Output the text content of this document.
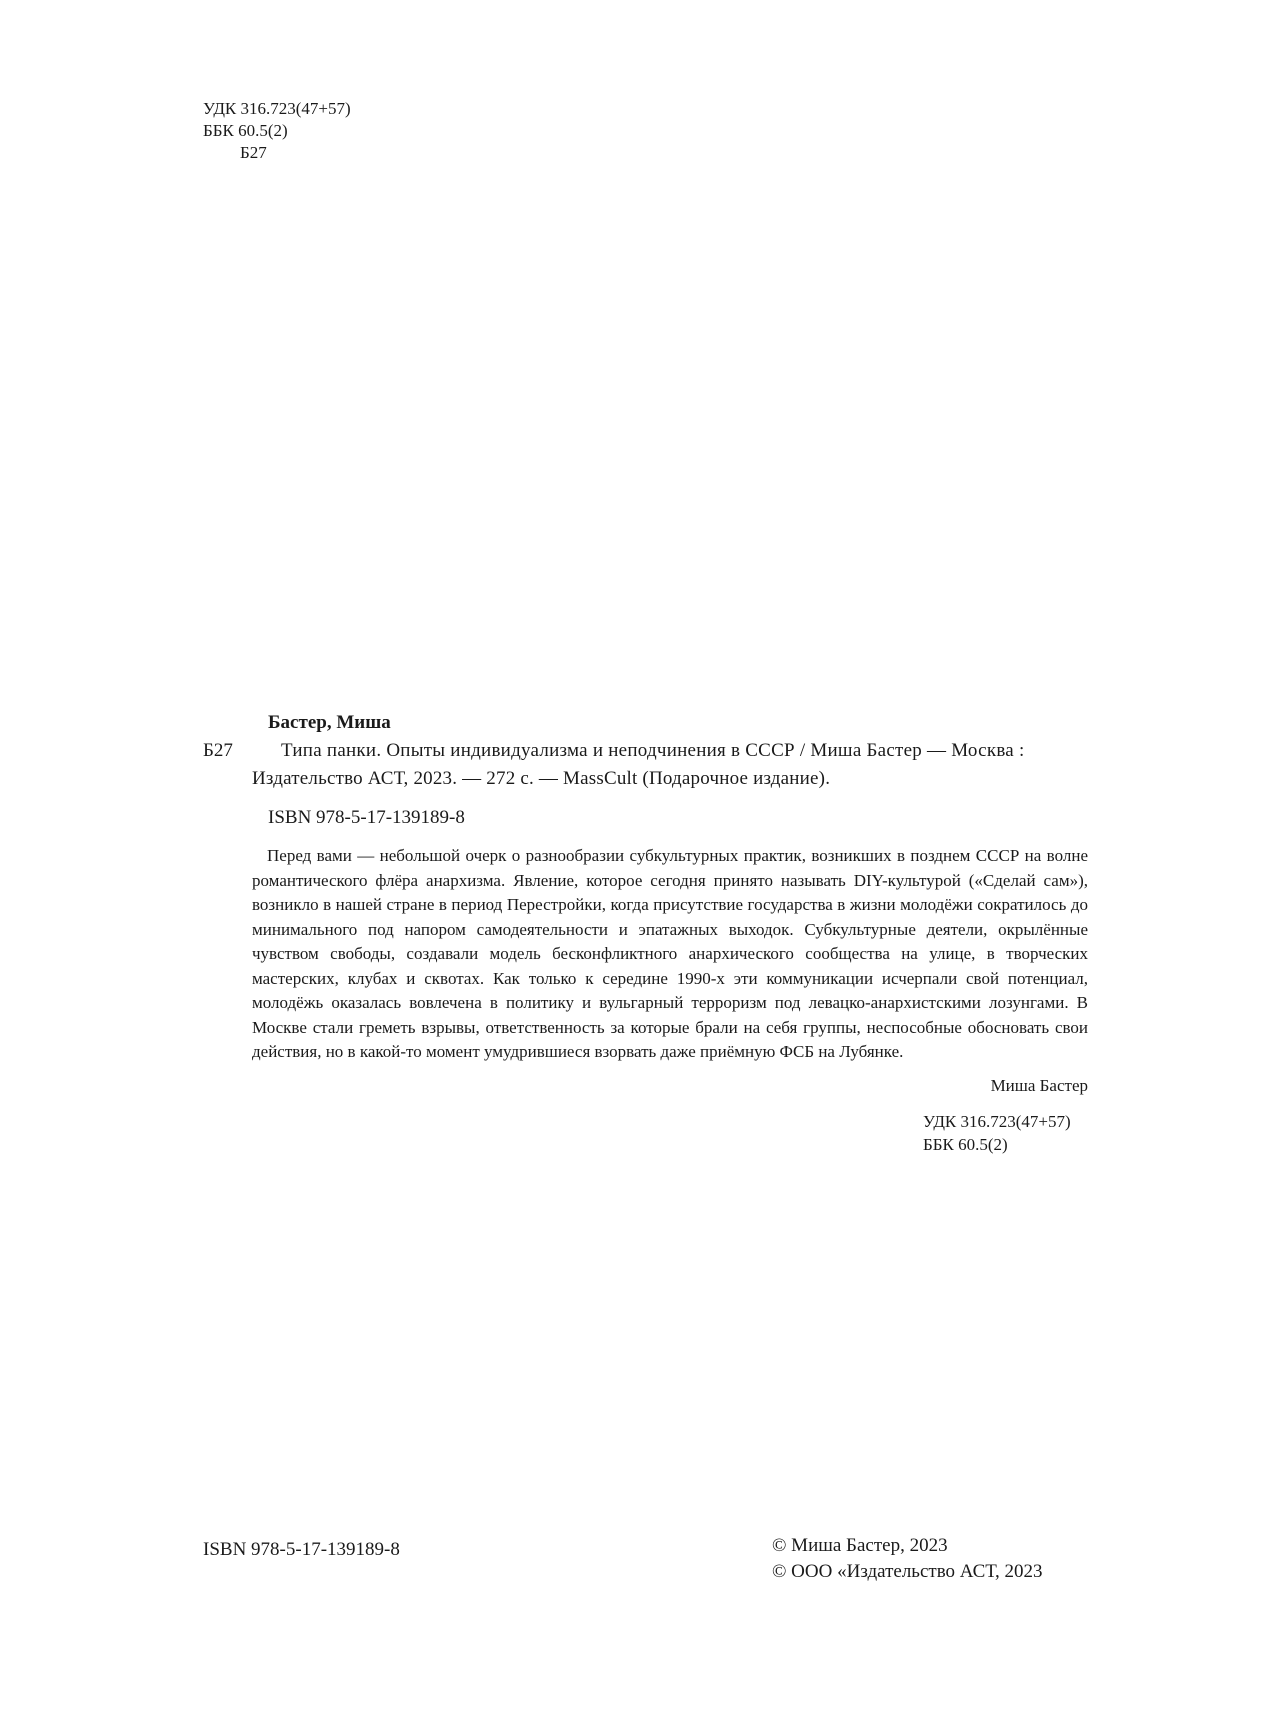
УДК 316.723(47+57)
ББК 60.5(2)
Б27
Бастер, Миша
Б27	Типа панки. Опыты индивидуализма и неподчинения в СССР / Миша Бастер — Москва :
Издательство АСТ, 2023. — 272 с. — MassCult (Подарочное издание).
ISBN 978-5-17-139189-8

Перед вами — небольшой очерк о разнообразии субкультурных практик, возникших в позднем СССР на волне романтического флёра анархизма. Явление, которое сегодня принято называть DIY-культурой («Сделай сам»), возникло в нашей стране в период Перестройки, когда присутствие государства в жизни молодёжи сократилось до минимального под напором самодеятельности и эпатажных выходок. Субкультурные деятели, окрылённые чувством свободы, создавали модель бесконфликтного анархического сообщества на улице, в творческих мастерских, клубах и сквотах. Как только к середине 1990-х эти коммуникации исчерпали свой потенциал, молодёжь оказалась вовлечена в политику и вульгарный терроризм под левацко-анархистскими лозунгами. В Москве стали греметь взрывы, ответственность за которые брали на себя группы, неспособные обосновать свои действия, но в какой-то момент умудрившиеся взорвать даже приёмную ФСБ на Лубянке.

Миша Бастер
УДК 316.723(47+57)
ББК 60.5(2)
ISBN 978-5-17-139189-8	© Миша Бастер, 2023
© ООО «Издательство АСТ, 2023
